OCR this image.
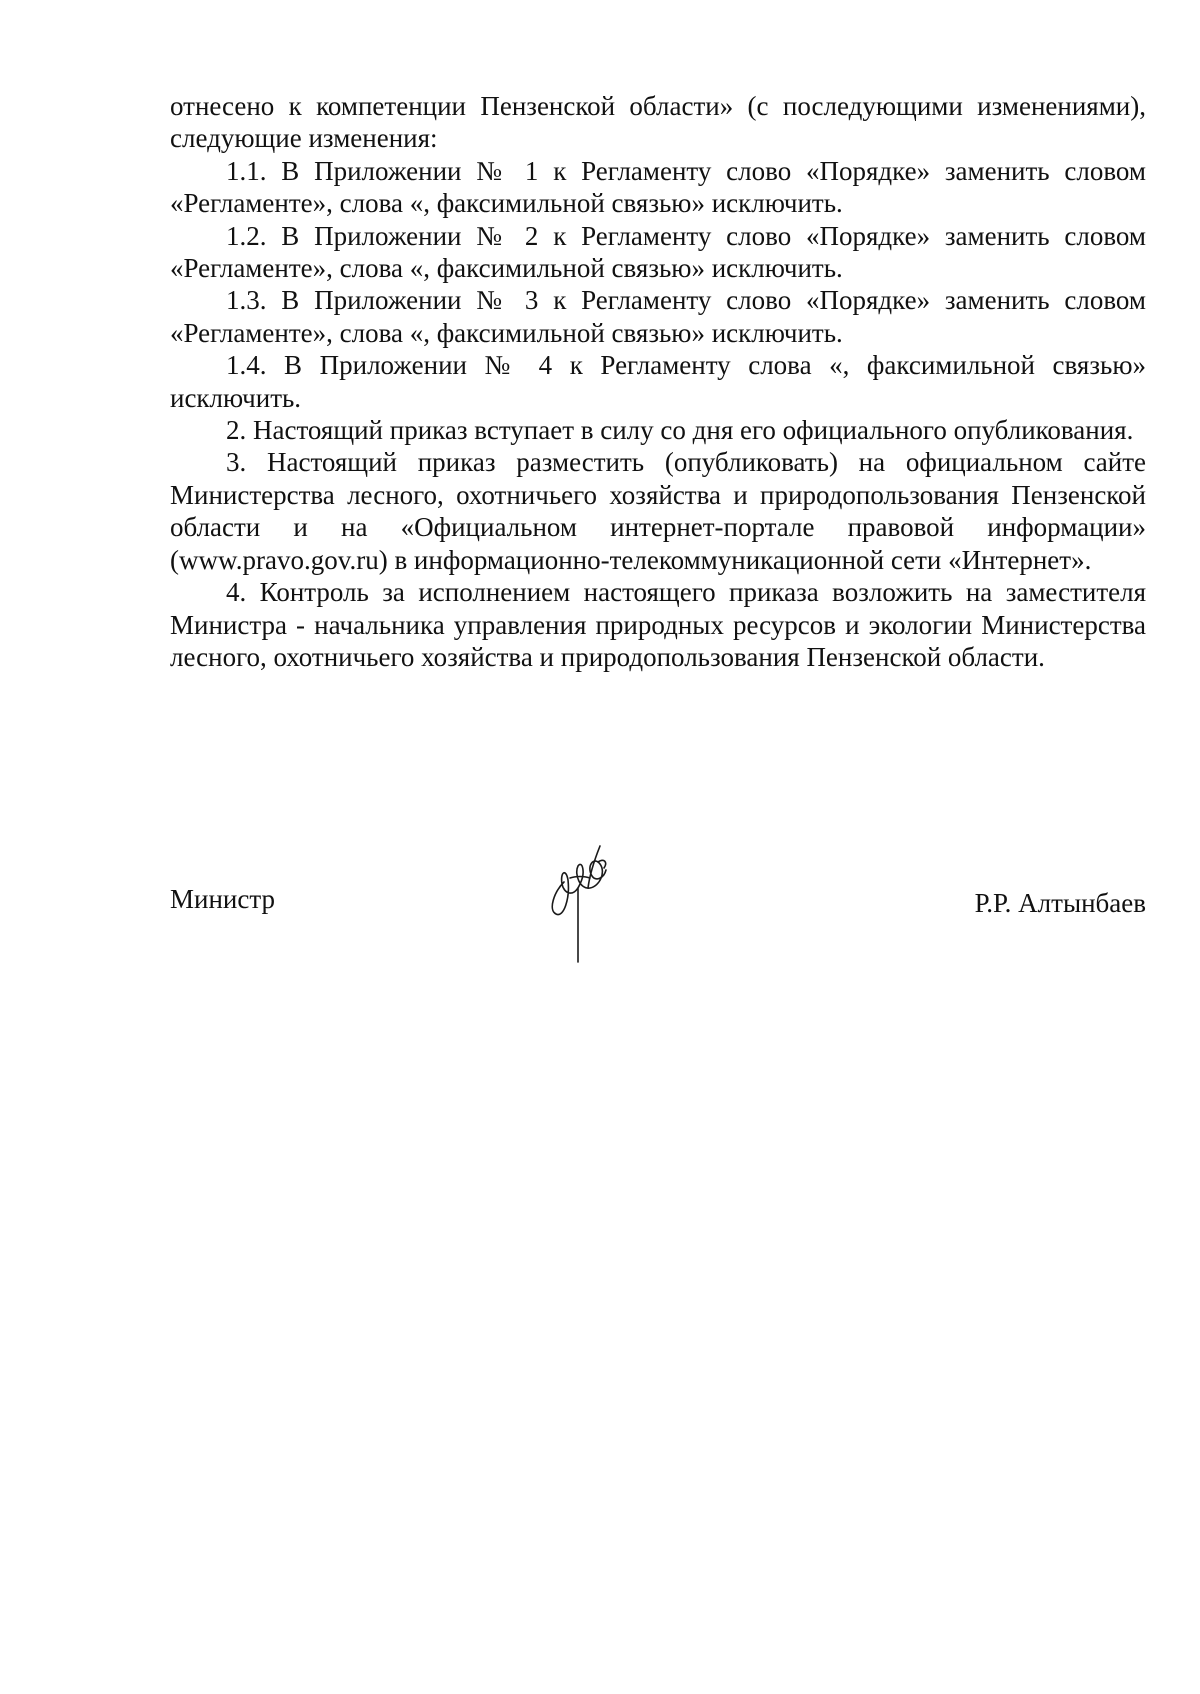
отнесено к компетенции Пензенской области» (с последующими изменениями), следующие изменения:

1.1. В Приложении № 1 к Регламенту слово «Порядке» заменить словом «Регламенте», слова «, факсимильной связью» исключить.

1.2. В Приложении № 2 к Регламенту слово «Порядке» заменить словом «Регламенте», слова «, факсимильной связью» исключить.

1.3. В Приложении № 3 к Регламенту слово «Порядке» заменить словом «Регламенте», слова «, факсимильной связью» исключить.

1.4. В Приложении № 4 к Регламенту слова «, факсимильной связью» исключить.

2. Настоящий приказ вступает в силу со дня его официального опубликования.

3. Настоящий приказ разместить (опубликовать) на официальном сайте Министерства лесного, охотничьего хозяйства и природопользования Пензенской области и на «Официальном интернет-портале правовой информации» (www.pravo.gov.ru) в информационно-телекоммуникационной сети «Интернет».

4. Контроль за исполнением настоящего приказа возложить на заместителя Министра - начальника управления природных ресурсов и экологии Министерства лесного, охотничьего хозяйства и природопользования Пензенской области.

Министр	Р.Р. Алтынбаев
